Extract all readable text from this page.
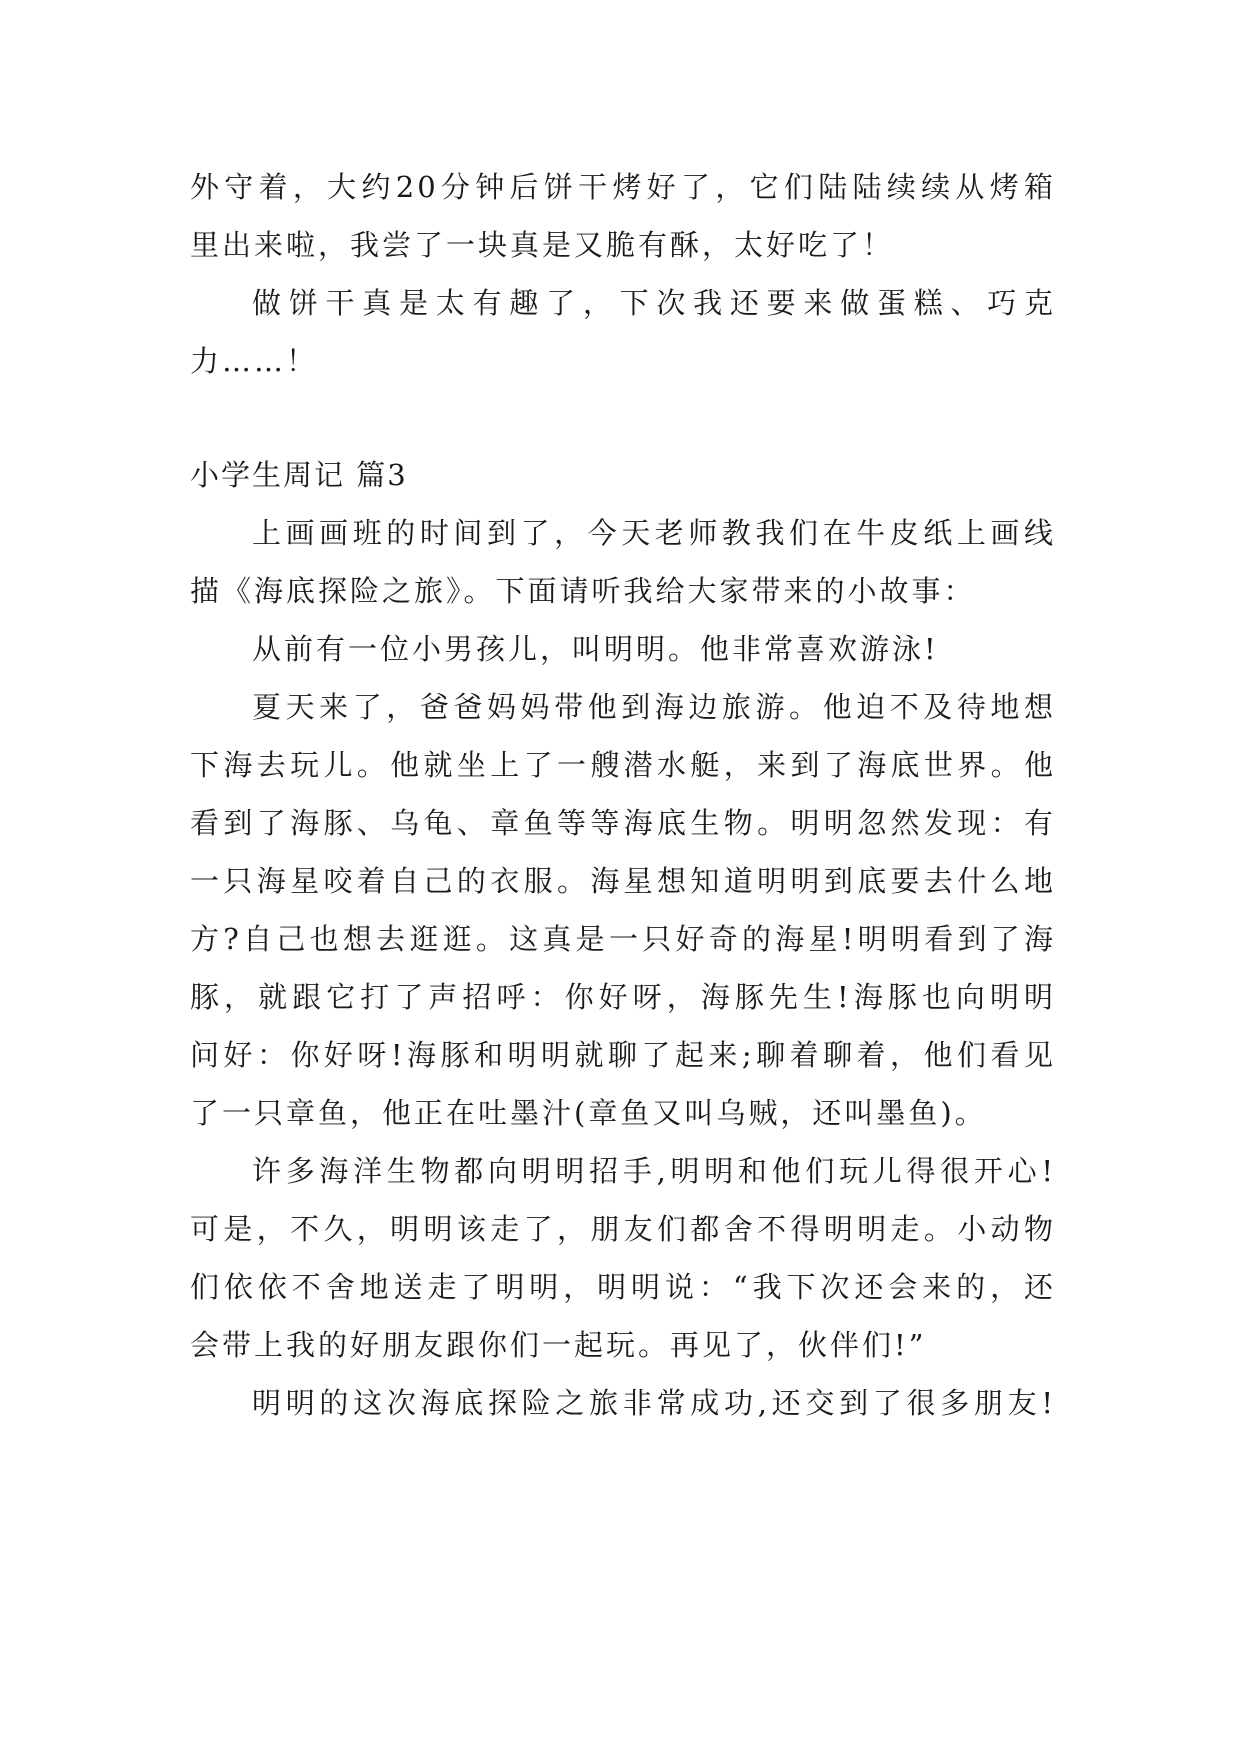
外守着，大约20分钟后饼干烤好了，它们陆陆续续从烤箱

里出来啦，我尝了一块真是又脆有酥，太好吃了！

做饼干真是太有趣了，下次我还要来做蛋糕、巧克

力……！

小学生周记 篇3

上画画班的时间到了，今天老师教我们在牛皮纸上画线

描《海底探险之旅》。下面请听我给大家带来的小故事：

从前有一位小男孩儿，叫明明。他非常喜欢游泳!

夏天来了，爸爸妈妈带他到海边旅游。他迫不及待地想

下海去玩儿。他就坐上了一艘潜水艇，来到了海底世界。他

看到了海豚、乌龟、章鱼等等海底生物。明明忽然发现：有

一只海星咬着自己的衣服。海星想知道明明到底要去什么地

方?自己也想去逛逛。这真是一只好奇的海星!明明看到了海

豚，就跟它打了声招呼：你好呀，海豚先生!海豚也向明明

问好：你好呀!海豚和明明就聊了起来;聊着聊着，他们看见

了一只章鱼，他正在吐墨汁(章鱼又叫乌贼，还叫墨鱼)。

许多海洋生物都向明明招手,明明和他们玩儿得很开心!

可是，不久，明明该走了，朋友们都舍不得明明走。小动物

们依依不舍地送走了明明，明明说：“我下次还会来的，还

会带上我的好朋友跟你们一起玩。再见了，伙伴们!”

明明的这次海底探险之旅非常成功,还交到了很多朋友!
